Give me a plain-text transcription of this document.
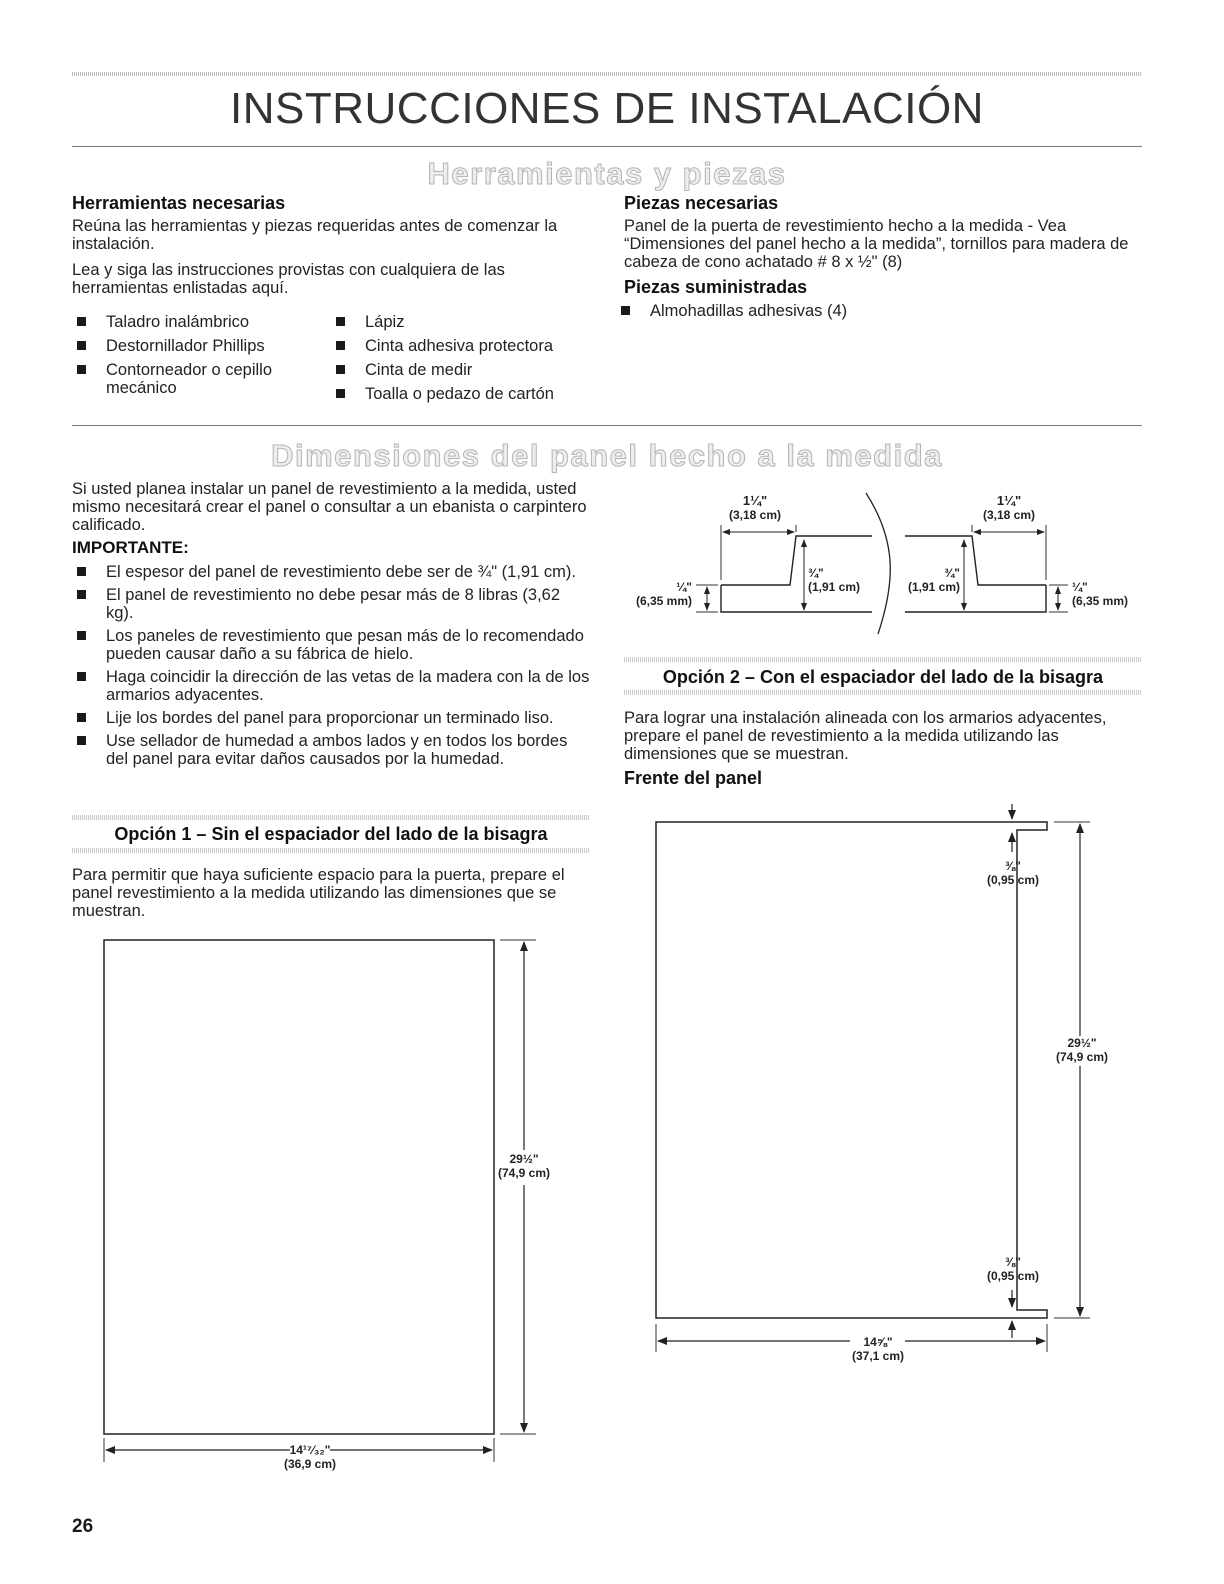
INSTRUCCIONES DE INSTALACIÓN
Herramientas y piezas
Herramientas necesarias

Reúna las herramientas y piezas requeridas antes de comenzar la instalación.

Lea y siga las instrucciones provistas con cualquiera de las herramientas enlistadas aquí.

Taladro inalámbrico
Destornillador Phillips
Contorneador o cepillo mecánico
Lápiz
Cinta adhesiva protectora
Cinta de medir
Toalla o pedazo de cartón
Piezas necesarias

Panel de la puerta de revestimiento hecho a la medida - Vea “Dimensiones del panel hecho a la medida”, tornillos para madera de cabeza de cono achatado # 8 x ½" (8)

Piezas suministradas
Almohadillas adhesivas (4)
Dimensiones del panel hecho a la medida

Si usted planea instalar un panel de revestimiento a la medida, usted mismo necesitará crear el panel o consultar a un ebanista o carpintero calificado.

IMPORTANTE:
El espesor del panel de revestimiento debe ser de ¾" (1,91 cm).
El panel de revestimiento no debe pesar más de 8 libras (3,62 kg).
Los paneles de revestimiento que pesan más de lo recomendado pueden causar daño a su fábrica de hielo.
Haga coincidir la dirección de las vetas de la madera con la de los armarios adyacentes.
Lije los bordes del panel para proporcionar un terminado liso.
Use sellador de humedad a ambos lados y en todos los bordes del panel para evitar daños causados por la humedad.
Opción 1 – Sin el espaciador del lado de la bisagra

Para permitir que haya suficiente espacio para la puerta, prepare el panel revestimiento a la medida utilizando las dimensiones que se muestran.

29½"
(74,9 cm)
14¹⁷⁄₃₂"
(36,9 cm)
1¼"
(3,18 cm)
¾"
(1,91 cm)
¼"
(6,35 mm)
1¼"
(3,18 cm)
¾"
(1,91 cm)	¼"
(6,35 mm)
Opción 2 – Con el espaciador del lado de la bisagra

Para lograr una instalación alineada con los armarios adyacentes, prepare el panel de revestimiento a la medida utilizando las dimensiones que se muestran.

Frente del panel
⅜"
(0,95 cm)
⅜"
(0,95 cm)
29½"
(74,9 cm)
14⅝"
(37,1 cm)
26
